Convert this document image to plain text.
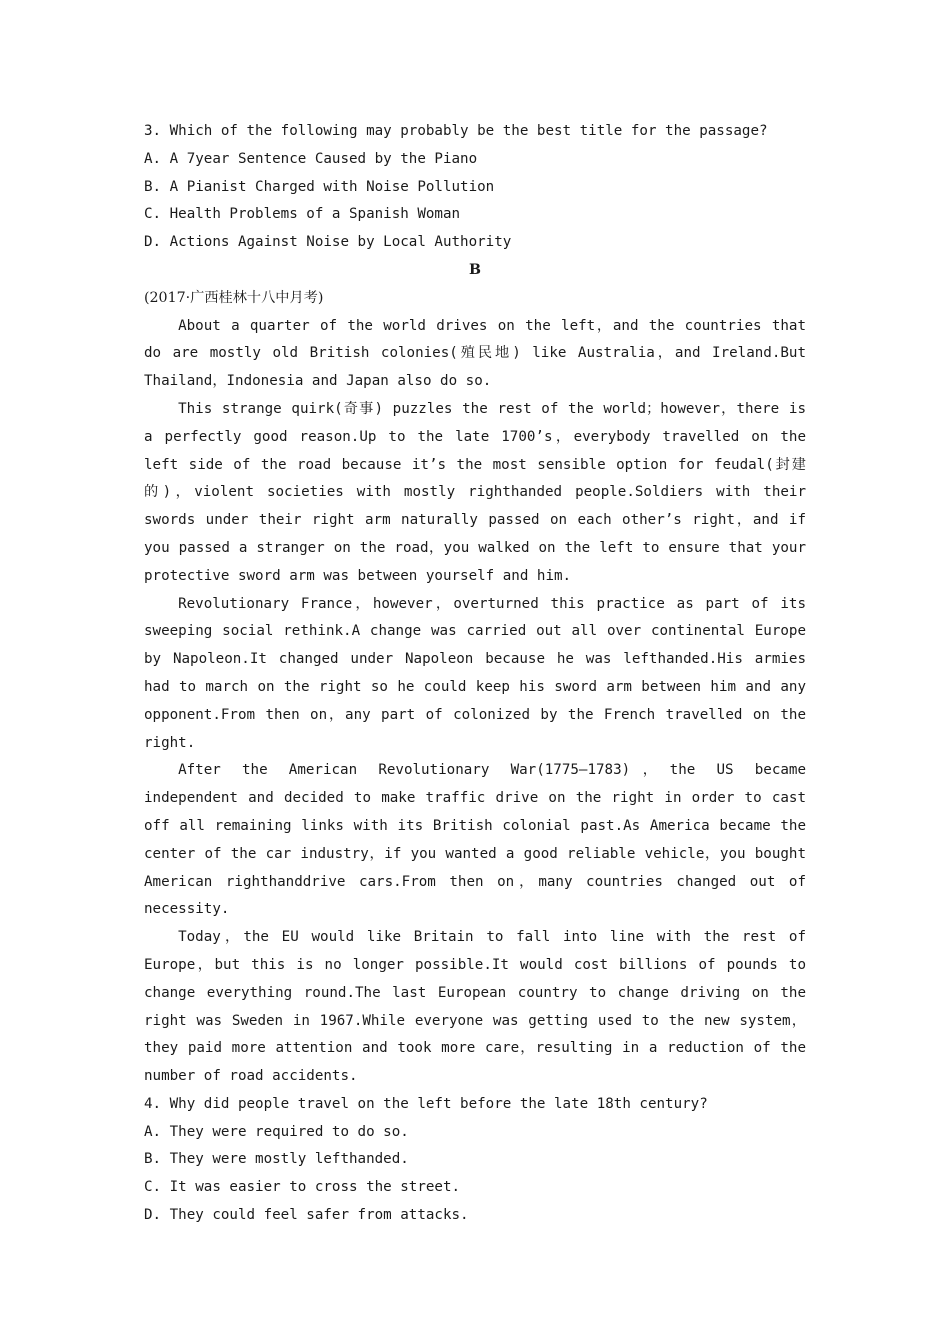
3. Which of the following may probably be the best title for the passage?
A. A 7year Sentence Caused by the Piano
B. A Pianist Charged with Noise Pollution
C. Health Problems of a Spanish Woman
D. Actions Against Noise by Local Authority
B
(2017·广西桂林十八中月考)

About a quarter of the world drives on the left，and the countries that do are mostly old British colonies(殖民地) like Australia，and Ireland.But Thailand，Indonesia and Japan also do so.

This strange quirk(奇事) puzzles the rest of the world；however，there is a perfectly good reason.Up to the late 1700’s，everybody travelled on the left side of the road because it’s the most sensible option for feudal(封建的)，violent societies with mostly righthanded people.Soldiers with their swords under their right arm naturally passed on each other’s right，and if you passed a stranger on the road，you walked on the left to ensure that your protective sword arm was between yourself and him.

Revolutionary France，however，overturned this practice as part of its sweeping social rethink.A change was carried out all over continental Europe by Napoleon.It changed under Napoleon because he was lefthanded.His armies had to march on the right so he could keep his sword arm between him and any opponent.From then on，any part of colonized by the French travelled on the right.

After the American Revolutionary War(1775—1783)，the US became independent and decided to make traffic drive on the right in order to cast off all remaining links with its British colonial past.As America became the center of the car industry，if you wanted a good reliable vehicle，you bought American righthanddrive cars.From then on，many countries changed out of necessity.

Today，the EU would like Britain to fall into line with the rest of Europe，but this is no longer possible.It would cost billions of pounds to change everything round.The last European country to change driving on the right was Sweden in 1967.While everyone was getting used to the new system，they paid more attention and took more care，resulting in a reduction of the number of road accidents.

4. Why did people travel on the left before the late 18th century?
A. They were required to do so.
B. They were mostly lefthanded.
C. It was easier to cross the street.
D. They could feel safer from attacks.
